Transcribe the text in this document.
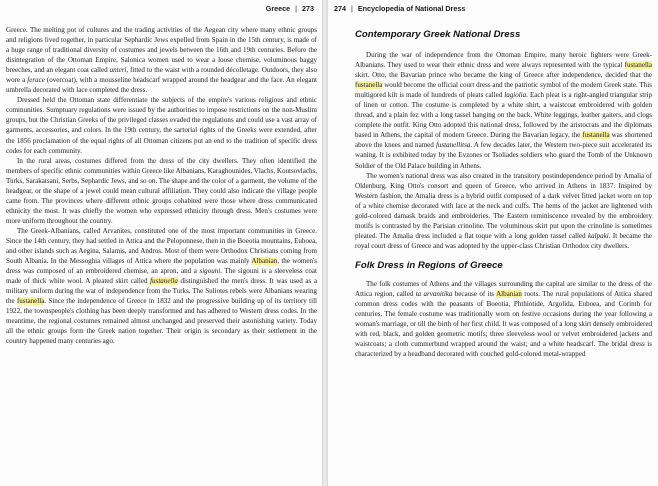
Greece | 273

Greece. The melting pot of cultures and the trading activities of the Aegean city where many ethnic groups and religions lived together, in particular Sephardic Jews expelled from Spain in the 15th century, is made of a huge range of traditional diversity of costumes and jewels between the 16th and 19th centuries. Before the disintegration of the Ottoman Empire, Salonica women used to wear a loose chemise, voluminous baggy breeches, and an elegant coat called anteri, fitted to the waist with a rounded décolletage. Outdoors, they also wore a ferace (overcoat), with a mousseline headscarf wrapped around the headgear and the face. An elegant umbrella decorated with lace completed the dress.

Dressed held the Ottoman state differentiate the subjects of the empire's various religious and ethnic communities. Sumptuary regulations were issued by the authorities to impose restrictions on the non-Muslim groups, but the Christian Greeks of the privileged classes evaded the regulations and could use a vast array of garments, accessories, and colors. In the 19th century, the sartorial rights of the Greeks were extended, after the 1856 proclamation of the equal rights of all Ottoman citizens put an end to the tradition of specific dress codes for each community.

In the rural areas, costumes differed from the dress of the city dwellers. They often identified the members of specific ethnic communities within Greece like Albanians, Karaghounides, Vlachs, Koutsovlachs, Turks, Sarakatsani, Serbs, Sephardic Jews, and so on. The shape and the color of a garment, the volume of the headgear, or the shape of a jewel could mean cultural affiliation. They could also indicate the village people came from. The provinces where different ethnic groups cohabited were those where dress communicated ethnicity the most. It was chiefly the women who expressed ethnicity through dress. Men's costumes were more uniform throughout the country.

The Greek-Albanians, called Arvanites, constituted one of the most important communities in Greece. Since the 14th century, they had settled in Attica and the Peloponnese, then in the Boeotia mountains, Euboea, and other islands such as Aegina, Salamis, and Andros. Most of them were Orthodox Christians coming from South Albania. In the Messoghia villages of Attica where the population was mainly Albanian, the women's dress was composed of an embroidered chemise, an apron, and a sigouni. The sigouni is a sleeveless coat made of thick white wool. A pleated skirt called fustanella distinguished the men's dress. It was used as a military uniform during the war of independence from the Turks. The Suliotes rebels were Albanians wearing the fustanella. Since the independence of Greece in 1832 and the progressive building up of its territory till 1922, the townspeople's clothing has been deeply transformed and has adhered to Western dress codes. In the meantime, the regional costumes remained almost unchanged and preserved their astonishing variety. Today all the ethnic groups form the Greek nation together. Their origin is secondary as their settlement in the country happened many centuries ago.

274 | Encyclopedia of National Dress
Contemporary Greek National Dress

During the war of independence from the Ottoman Empire, many heroic fighters were Greek-Albanians. They used to wear their ethnic dress and were always represented with the typical fustanella skirt. Otto, the Bavarian prince who became the king of Greece after independence, decided that the fustanella would become the official court dress and the patriotic symbol of the modern Greek state. This multigored kilt is made of hundreds of pleats called lagiolia. Each pleat is a right-angled triangular strip of linen or cotton. The costume is completed by a white shirt, a waistcoat embroidered with golden thread, and a plain fez with a long tassel hanging on the back. White leggings, leather gaiters, and clogs complete the outfit. King Otto adopted this national dress, followed by the aristocrats and the diplomats based in Athens, the capital of modern Greece. During the Bavarian legacy, the fustanella was shortened above the knees and named fustanellitsa. A few decades later, the Western two-piece suit accelerated its waning. It is exhibited today by the Evzones or Tsoliades soldiers who guard the Tomb of the Unknown Soldier of the Old Palace building in Athens.

The women's national dress was also created in the transitory postindependence period by Amalia of Oldenburg, King Otto's consort and queen of Greece, who arrived in Athens in 1837. Inspired by Western fashion, the Amalia dress is a hybrid outfit composed of a dark velvet fitted jacket worn on top of a white chemise decorated with lace at the neck and cuffs. The hems of the jacket are lightened with gold-colored damask braids and embroideries. The Eastern reminiscence revealed by the embroidery motifs is contrasted by the Parisian crinoline. The voluminous skirt put upon the crinoline is sometimes pleated. The Amalia dress included a flat toque with a long golden tassel called kalpaki. It became the royal court dress of Greece and was adopted by the upper-class Christian Orthodox city dwellers.

Folk Dress in Regions of Greece

The folk costumes of Athens and the villages surrounding the capital are similar to the dress of the Attica region, called ta arvanitika because of its Albanian roots. The rural populations of Attica shared common dress codes with the peasants of Boeotia, Phthiotide, Argolida, Euboea, and Corinth for centuries. The female costume was traditionally worn on festive occasions during the year following a woman's marriage, or till the birth of her first child. It was composed of a long skirt densely embroidered with red, black, and golden geometric motifs; three sleeveless wool or velvet embroidered jackets and waistcoats; a cloth cummerbund wrapped around the waist; and a white headscarf. The bridal dress is characterized by a headband decorated with couched gold-colored metal-wrapped
